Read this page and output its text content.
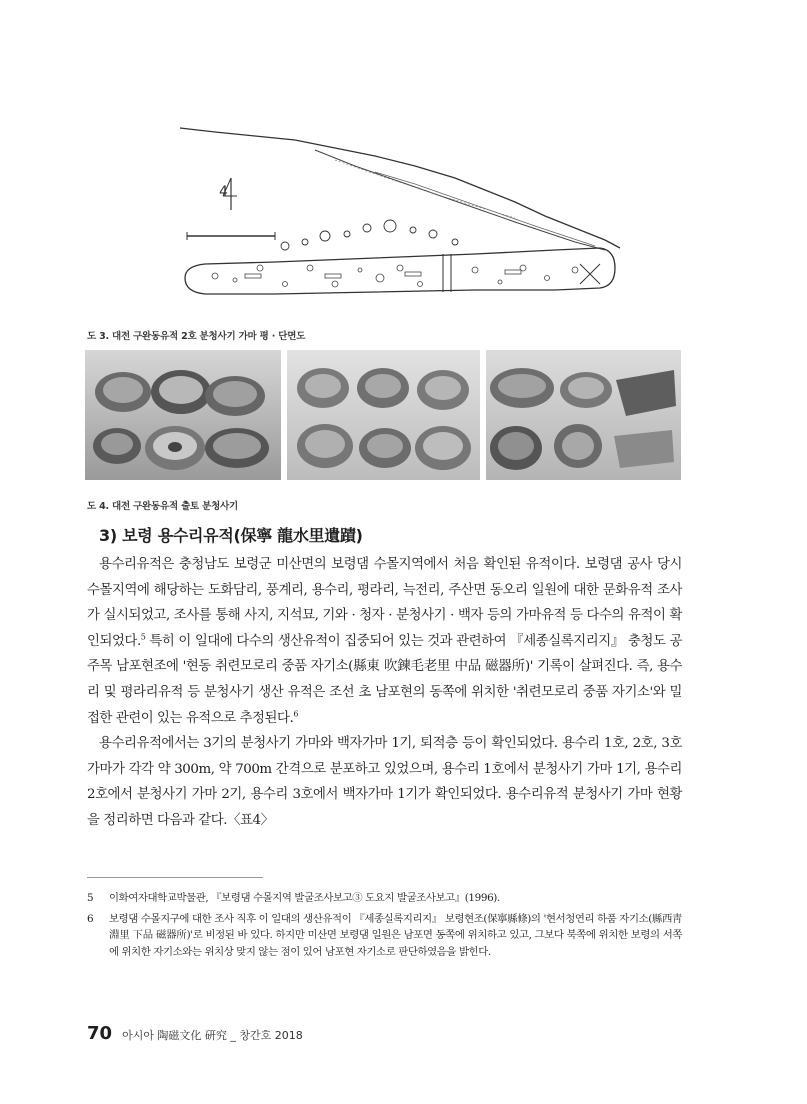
4
도 3. 대전 구완동유적 2호 분청사기 가마 평 · 단면도
도 4. 대전 구완동유적 출토 분청사기
3) 보령 용수리유적(保寧 龍水里遺蹟)

용수리유적은 충청남도 보령군 미산면의 보령댐 수몰지역에서 처음 확인된 유적이다. 보령댐 공사 당시 수몰지역에 해당하는 도화담리, 풍계리, 용수리, 평라리, 늑전리, 주산면 동오리 일원에 대한 문화유적 조사가 실시되었고, 조사를 통해 사지, 지석묘, 기와 · 청자 · 분청사기 · 백자 등의 가마유적 등 다수의 유적이 확인되었다.$^5$ 특히 이 일대에 다수의 생산유적이 집중되어 있는 것과 관련하여 『세종실록지리지』 충청도 공주목 남포현조에 '현동 취련모로리 중품 자기소(縣東 吹鍊毛老里 中品 磁器所)' 기록이 살펴진다. 즉, 용수리 및 평라리유적 등 분청사기 생산 유적은 조선 초 남포현의 동쪽에 위치한 '취련모로리 중품 자기소'와 밀접한 관련이 있는 유적으로 추정된다.$^6$

용수리유적에서는 3기의 분청사기 가마와 백자가마 1기, 퇴적층 등이 확인되었다. 용수리 1호, 2호, 3호 가마가 각각 약 300m, 약 700m 간격으로 분포하고 있었으며, 용수리 1호에서 분청사기 가마 1기, 용수리 2호에서 분청사기 가마 2기, 용수리 3호에서 백자가마 1기가 확인되었다. 용수리유적 분청사기 가마 현황을 정리하면 다음과 같다.〈표4〉

5	이화여자대학교박물관, 『보령댐 수몰지역 발굴조사보고③ 도요지 발굴조사보고』(1996).
6	보령댐 수몰지구에 대한 조사 직후 이 일대의 생산유적이 『세종실록지리지』 보령현조(保寧縣條)의 '현서청연리 하품 자기소(縣西靑淵里 下品 磁器所)'로 비정된 바 있다. 하지만 미산면 보령댐 일원은 남포면 동쪽에 위치하고 있고, 그보다 북쪽에 위치한 보령의 서쪽에 위치한 자기소와는 위치상 맞지 않는 점이 있어 남포현 자기소로 판단하였음을 밝힌다.
70 아시아 陶磁文化 硏究 _ 창간호 2018
